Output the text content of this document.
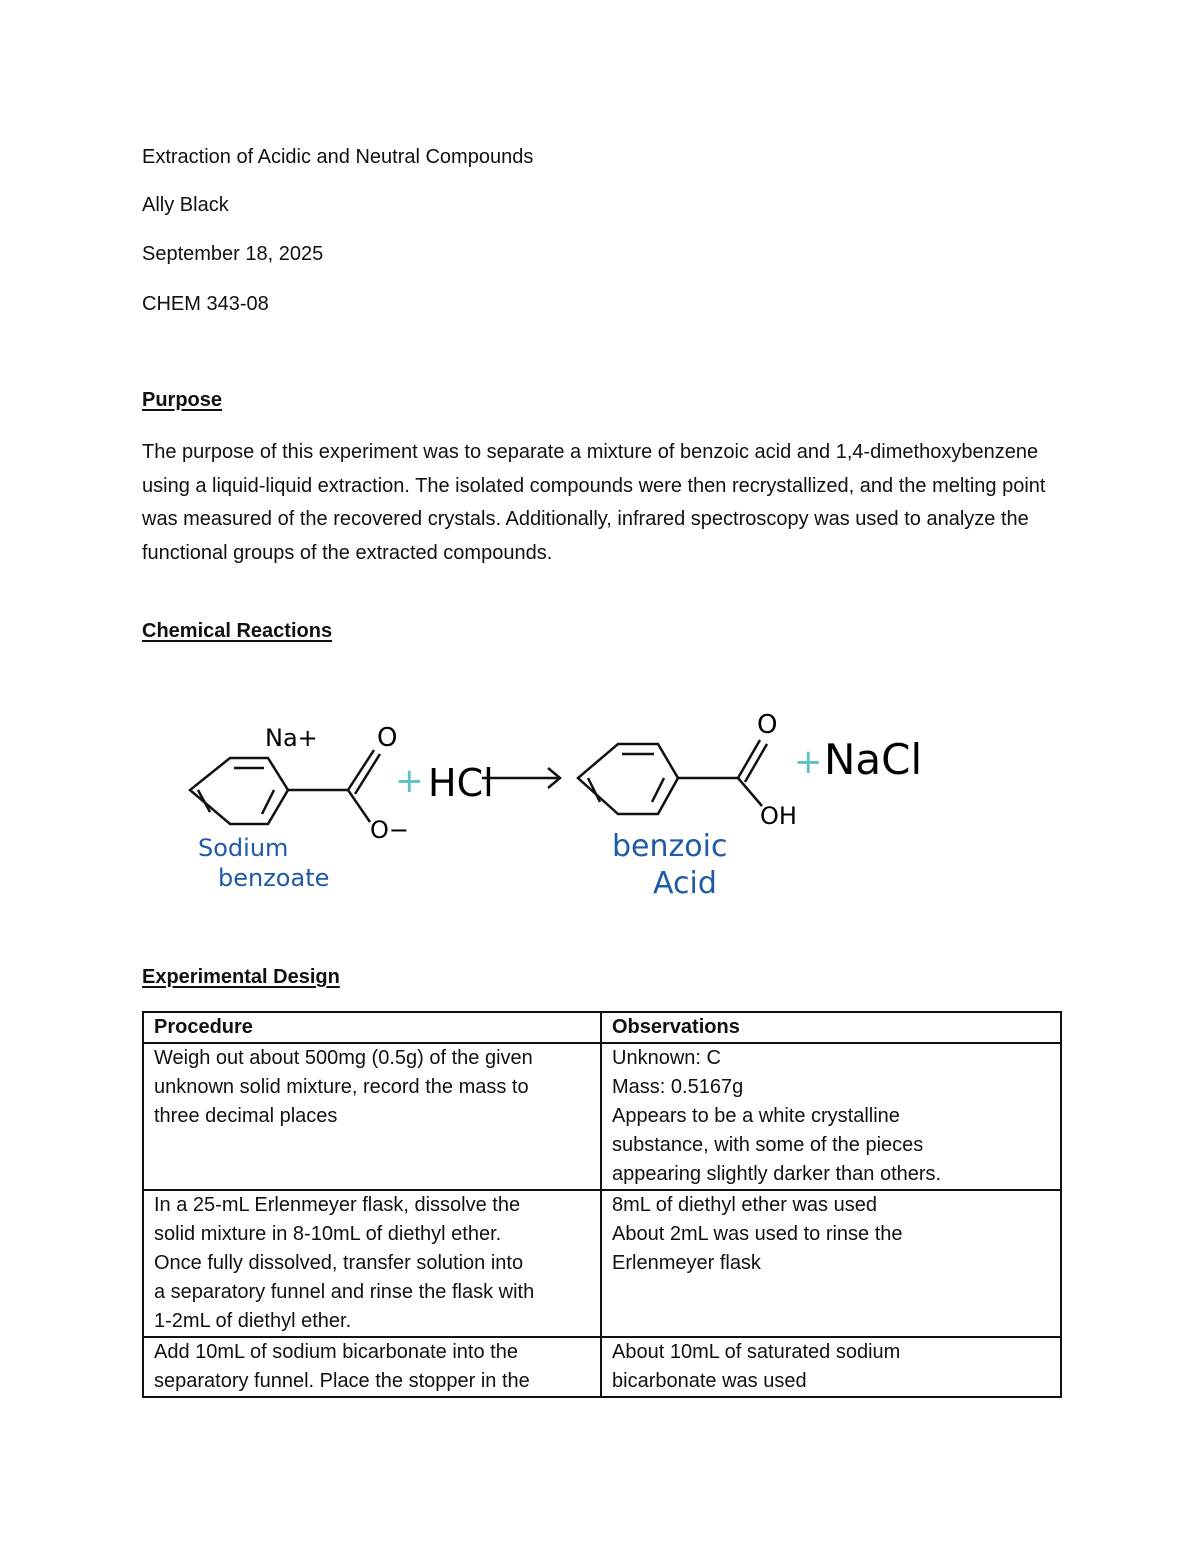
Extraction of Acidic and Neutral Compounds
Ally Black
September 18, 2025
CHEM 343-08
Purpose
The purpose of this experiment was to separate a mixture of benzoic acid and 1,4-dimethoxybenzene using a liquid-liquid extraction. The isolated compounds were then recrystallized, and the melting point was measured of the recovered crystals. Additionally, infrared spectroscopy was used to analyze the functional groups of the extracted compounds.
Chemical Reactions
O
O−
Na+
Sodium
benzoate
+ HCl
O
OH
benzoic
Acid
+ NaCl
Experimental Design
Procedure	Observations

Weigh out about 500mg (0.5g) of the given
unknown solid mixture, record the mass to
three decimal places	Unknown: C
Mass: 0.5167g
Appears to be a white crystalline
substance, with some of the pieces
appearing slightly darker than others.

In a 25-mL Erlenmeyer flask, dissolve the
solid mixture in 8-10mL of diethyl ether.
Once fully dissolved, transfer solution into
a separatory funnel and rinse the flask with
1-2mL of diethyl ether.	8mL of diethyl ether was used
About 2mL was used to rinse the
Erlenmeyer flask

Add 10mL of sodium bicarbonate into the
separatory funnel. Place the stopper in the	About 10mL of saturated sodium
bicarbonate was used
